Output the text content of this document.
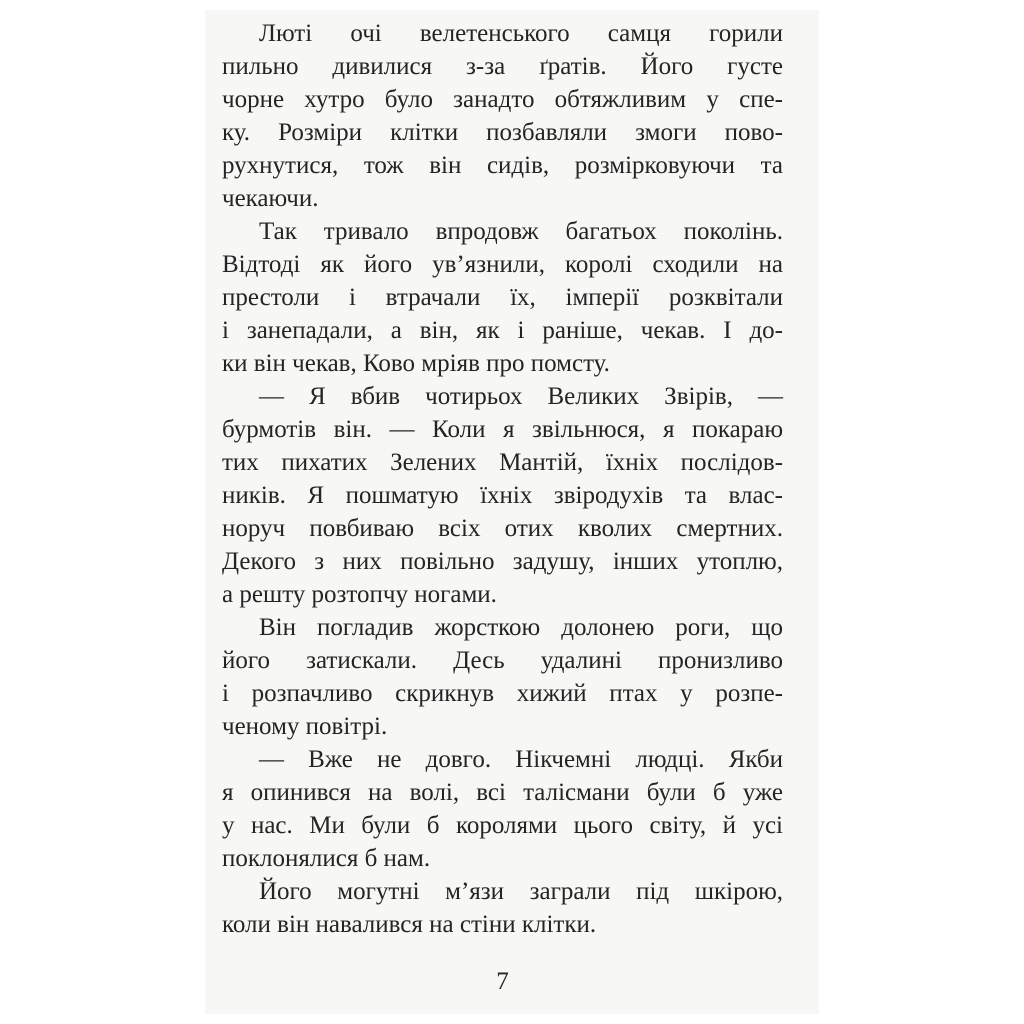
Люті очі велетенського самця горили
пильно дивилися з-за ґратів. Його густе
чорне хутро було занадто обтяжливим у спе-
ку. Розміри клітки позбавляли змоги пово-
рухнутися, тож він сидів, розмірковуючи та
чекаючи.
Так тривало впродовж багатьох поколінь.
Відтоді як його ув’язнили, королі сходили на
престоли і втрачали їх, імперії розквітали
і занепадали, а він, як і раніше, чекав. І до-
ки він чекав, Ково мріяв про помсту.
— Я вбив чотирьох Великих Звірів, —
бурмотів він. — Коли я звільнюся, я покараю
тих пихатих Зелених Мантій, їхніх послідов-
ників. Я пошматую їхніх звіродухів та влас-
норуч повбиваю всіх отих кволих смертних.
Декого з них повільно задушу, інших утоплю,
а решту розтопчу ногами.
Він погладив жорсткою долонею роги, що
його затискали. Десь удалині пронизливо
і розпачливо скрикнув хижий птах у розпе-
ченому повітрі.
— Вже не довго. Нікчемні людці. Якби
я опинився на волі, всі талісмани були б уже
у нас. Ми були б королями цього світу, й усі
поклонялися б нам.
Його могутні м’язи заграли під шкірою,
коли він навалився на стіни клітки.
7
